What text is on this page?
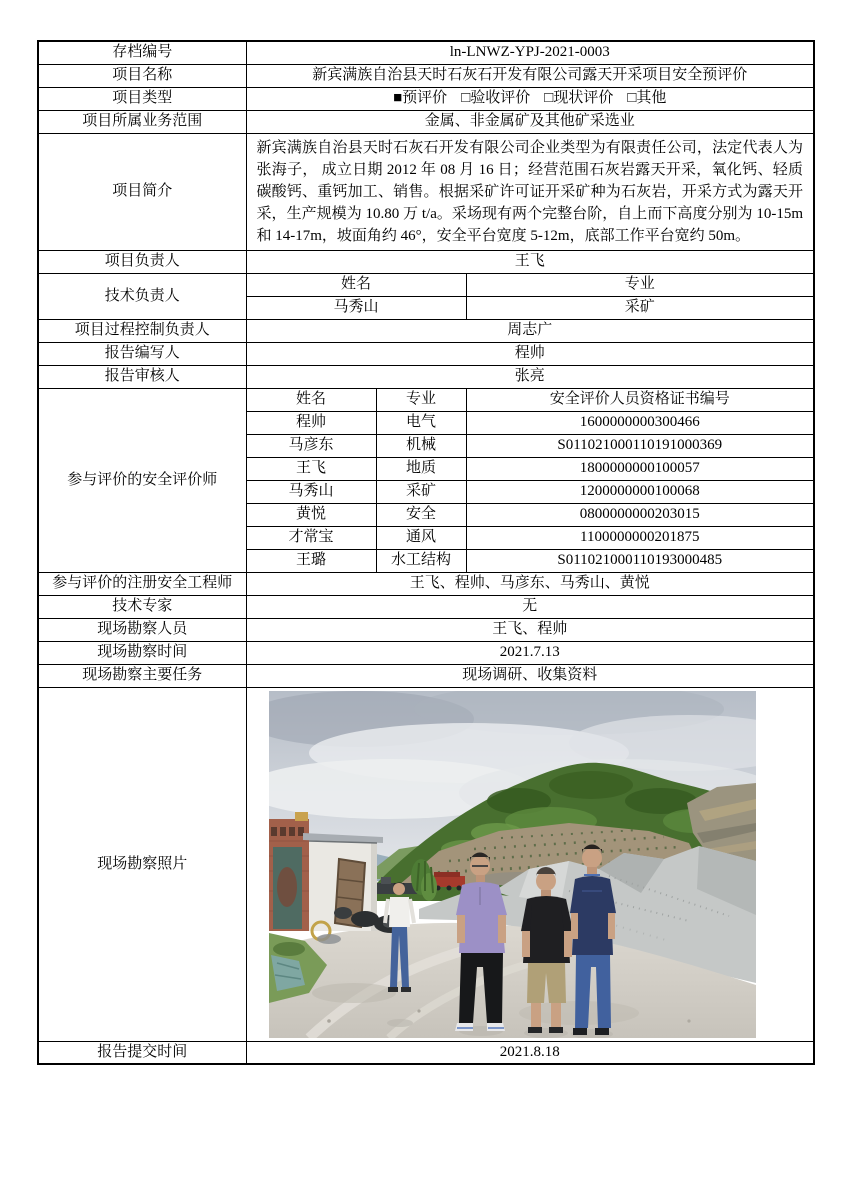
存档编号	ln-LNWZ-YPJ-2021-0003		
项目名称	新宾满族自治县天时石灰石开发有限公司露天开采项目安全预评价		
项目类型	■预评价 □验收评价 □现状评价 □其他		
项目所属业务范围	金属、非金属矿及其他矿采选业		
项目简介	新宾满族自治县天时石灰石开发有限公司企业类型为有限责任公司，法定代表人为张海子， 成立日期 2012 年 08 月 16 日；经营范围石灰岩露天开采，氧化钙、轻质碳酸钙、重钙加工、销售。根据采矿许可证开采矿种为石灰岩，开采方式为露天开采，生产规模为 10.80 万 t/a。采场现有两个完整台阶，自上而下高度分别为 10-15m 和 14-17m，坡面角约 46°，安全平台宽度 5-12m，底部工作平台宽约 50m。		
项目负责人	王飞		
技术负责人	姓名		专业
	马秀山		采矿
项目过程控制负责人	周志广		
报告编写人	程帅		
报告审核人	张亮		
参与评价的安全评价师	姓名	专业	安全评价人员资格证书编号
	程帅	电气	1600000000300466
	马彦东	机械	S011021000110191000369
	王飞	地质	1800000000100057
	马秀山	采矿	1200000000100068
	黄悦	安全	0800000000203015
	才常宝	通风	1100000000201875
	王璐	水工结构	S011021000110193000485
参与评价的注册安全工程师	王飞、程帅、马彦东、马秀山、黄悦		
技术专家	无		
现场勘察人员	王飞、程帅		
现场勘察时间	2021.7.13		
现场勘察主要任务	现场调研、收集资料		
现场勘察照片	

报告提交时间	2021.8.18		
